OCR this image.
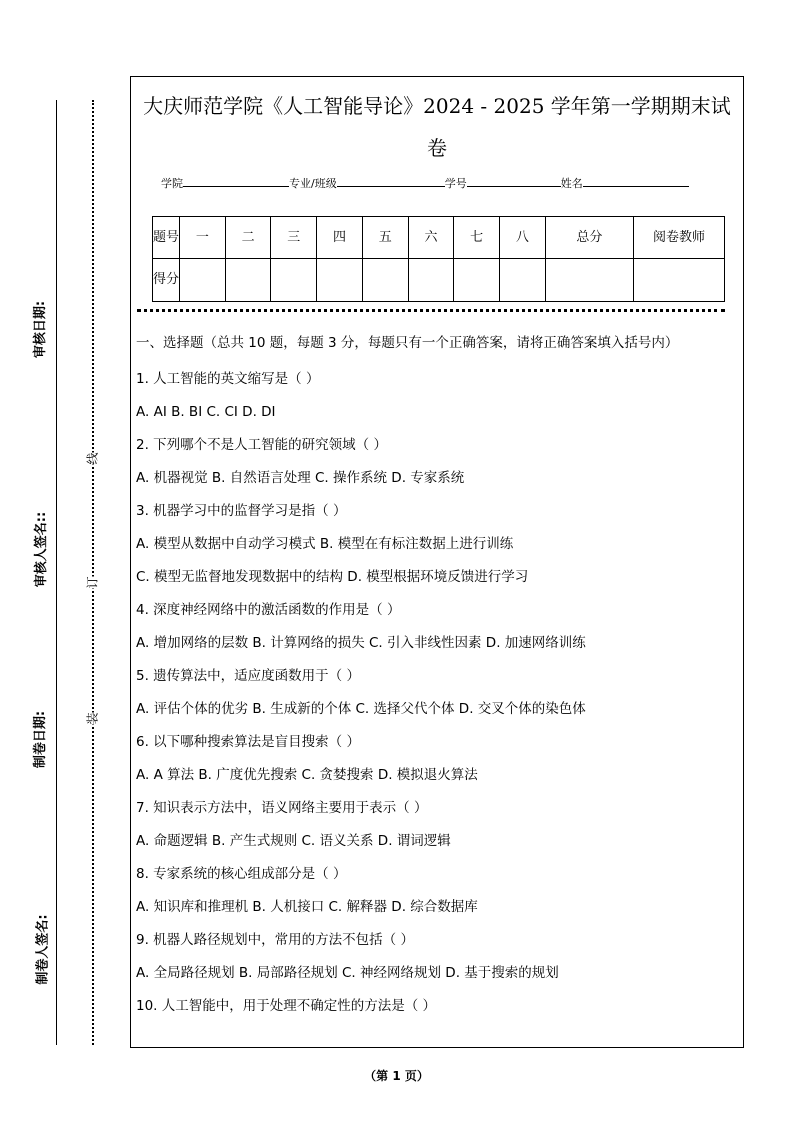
审核日期:
审核人签名::
制卷日期:
制卷人签名:
线
订
装
大庆师范学院《人工智能导论》2024 - 2025 学年第一学期期末试卷
学院	专业/班级	学号	姓名
题号	一	二	三	四	五	六	七	八	总分	阅卷教师
得分										
一、选择题（总共 10 题，每题 3 分，每题只有一个正确答案，请将正确答案填入括号内）
1. 人工智能的英文缩写是（ ）
A. AI B. BI C. CI D. DI
2. 下列哪个不是人工智能的研究领域（ ）
A. 机器视觉 B. 自然语言处理 C. 操作系统 D. 专家系统
3. 机器学习中的监督学习是指（ ）
A. 模型从数据中自动学习模式 B. 模型在有标注数据上进行训练
C. 模型无监督地发现数据中的结构 D. 模型根据环境反馈进行学习
4. 深度神经网络中的激活函数的作用是（ ）
A. 增加网络的层数 B. 计算网络的损失 C. 引入非线性因素 D. 加速网络训练
5. 遗传算法中，适应度函数用于（ ）
A. 评估个体的优劣 B. 生成新的个体 C. 选择父代个体 D. 交叉个体的染色体
6. 以下哪种搜索算法是盲目搜索（ ）
A. A 算法 B. 广度优先搜索 C. 贪婪搜索 D. 模拟退火算法
7. 知识表示方法中，语义网络主要用于表示（ ）
A. 命题逻辑 B. 产生式规则 C. 语义关系 D. 谓词逻辑
8. 专家系统的核心组成部分是（ ）
A. 知识库和推理机 B. 人机接口 C. 解释器 D. 综合数据库
9. 机器人路径规划中，常用的方法不包括（ ）
A. 全局路径规划 B. 局部路径规划 C. 神经网络规划 D. 基于搜索的规划
10. 人工智能中，用于处理不确定性的方法是（ ）
（第 1 页）
